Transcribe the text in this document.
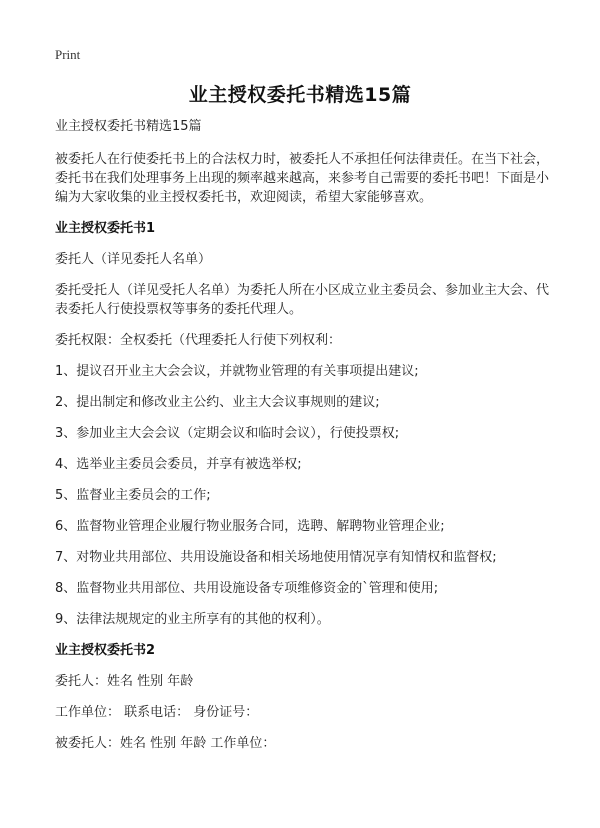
Print
业主授权委托书精选15篇

业主授权委托书精选15篇

被委托人在行使委托书上的合法权力时，被委托人不承担任何法律责任。在当下社会，委托书在我们处理事务上出现的频率越来越高，来参考自己需要的委托书吧！下面是小编为大家收集的业主授权委托书，欢迎阅读，希望大家能够喜欢。

业主授权委托书1

委托人（详见委托人名单）

委托受托人（详见受托人名单）为委托人所在小区成立业主委员会、参加业主大会、代表委托人行使投票权等事务的委托代理人。

委托权限：全权委托（代理委托人行使下列权利：

1、提议召开业主大会会议，并就物业管理的有关事项提出建议;

2、提出制定和修改业主公约、业主大会议事规则的建议;

3、参加业主大会会议（定期会议和临时会议），行使投票权;

4、选举业主委员会委员，并享有被选举权;

5、监督业主委员会的工作;

6、监督物业管理企业履行物业服务合同，选聘、解聘物业管理企业;

7、对物业共用部位、共用设施设备和相关场地使用情况享有知情权和监督权;

8、监督物业共用部位、共用设施设备专项维修资金的`管理和使用;

9、法律法规规定的业主所享有的其他的权利）。

业主授权委托书2

委托人：姓名 性别 年龄

工作单位： 联系电话： 身份证号：

被委托人：姓名 性别 年龄 工作单位：
